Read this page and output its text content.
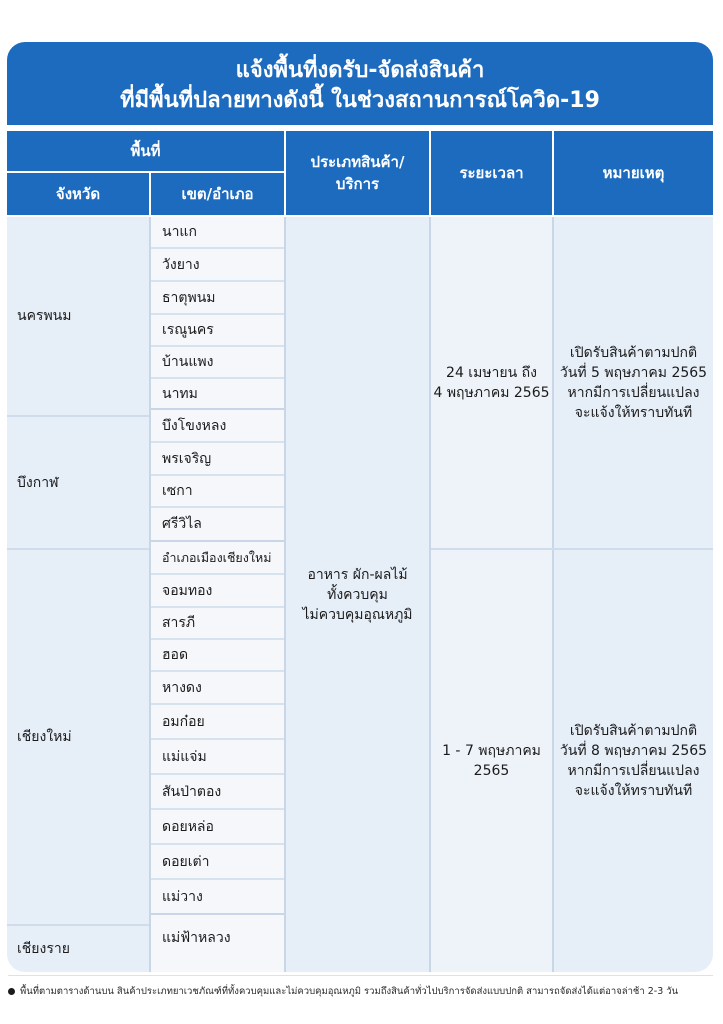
แจ้งพื้นที่งดรับ-จัดส่งสินค้า
ที่มีพื้นที่ปลายทางดังนี้ ในช่วงสถานการณ์โควิด-19
พื้นที่
จังหวัด	เขต/อำเภอ
ประเภทสินค้า/บริการ
ระยะเวลา	หมายเหตุ
นครพนม
บึงกาฬ
เชียงใหม่
เชียงราย
นาแก
วังยาง
ธาตุพนม
เรณูนคร
บ้านแพง
นาทม
บึงโขงหลง
พรเจริญ
เซกา
ศรีวิไล
อำเภอเมืองเชียงใหม่
จอมทอง
สารภี
ฮอด
หางดง
อมก๋อย
แม่แจ่ม
สันป่าตอง
ดอยหล่อ
ดอยเต่า
แม่วาง
แม่ฟ้าหลวง
อาหาร ผัก-ผลไม้
ทั้งควบคุม
ไม่ควบคุมอุณหภูมิ
24 เมษายน ถึง
4 พฤษภาคม 2565
1 - 7 พฤษภาคม
2565
เปิดรับสินค้าตามปกติ
วันที่ 5 พฤษภาคม 2565
หากมีการเปลี่ยนแปลง
จะแจ้งให้ทราบทันที
เปิดรับสินค้าตามปกติ
วันที่ 8 พฤษภาคม 2565
หากมีการเปลี่ยนแปลง
จะแจ้งให้ทราบทันที
พื้นที่ตามตารางด้านบน สินค้าประเภทยาเวชภัณฑ์ที่ทั้งควบคุมและไม่ควบคุมอุณหภูมิ รวมถึงสินค้าทั่วไปบริการจัดส่งแบบปกติ สามารถจัดส่งได้แต่อาจล่าช้า 2-3 วัน
